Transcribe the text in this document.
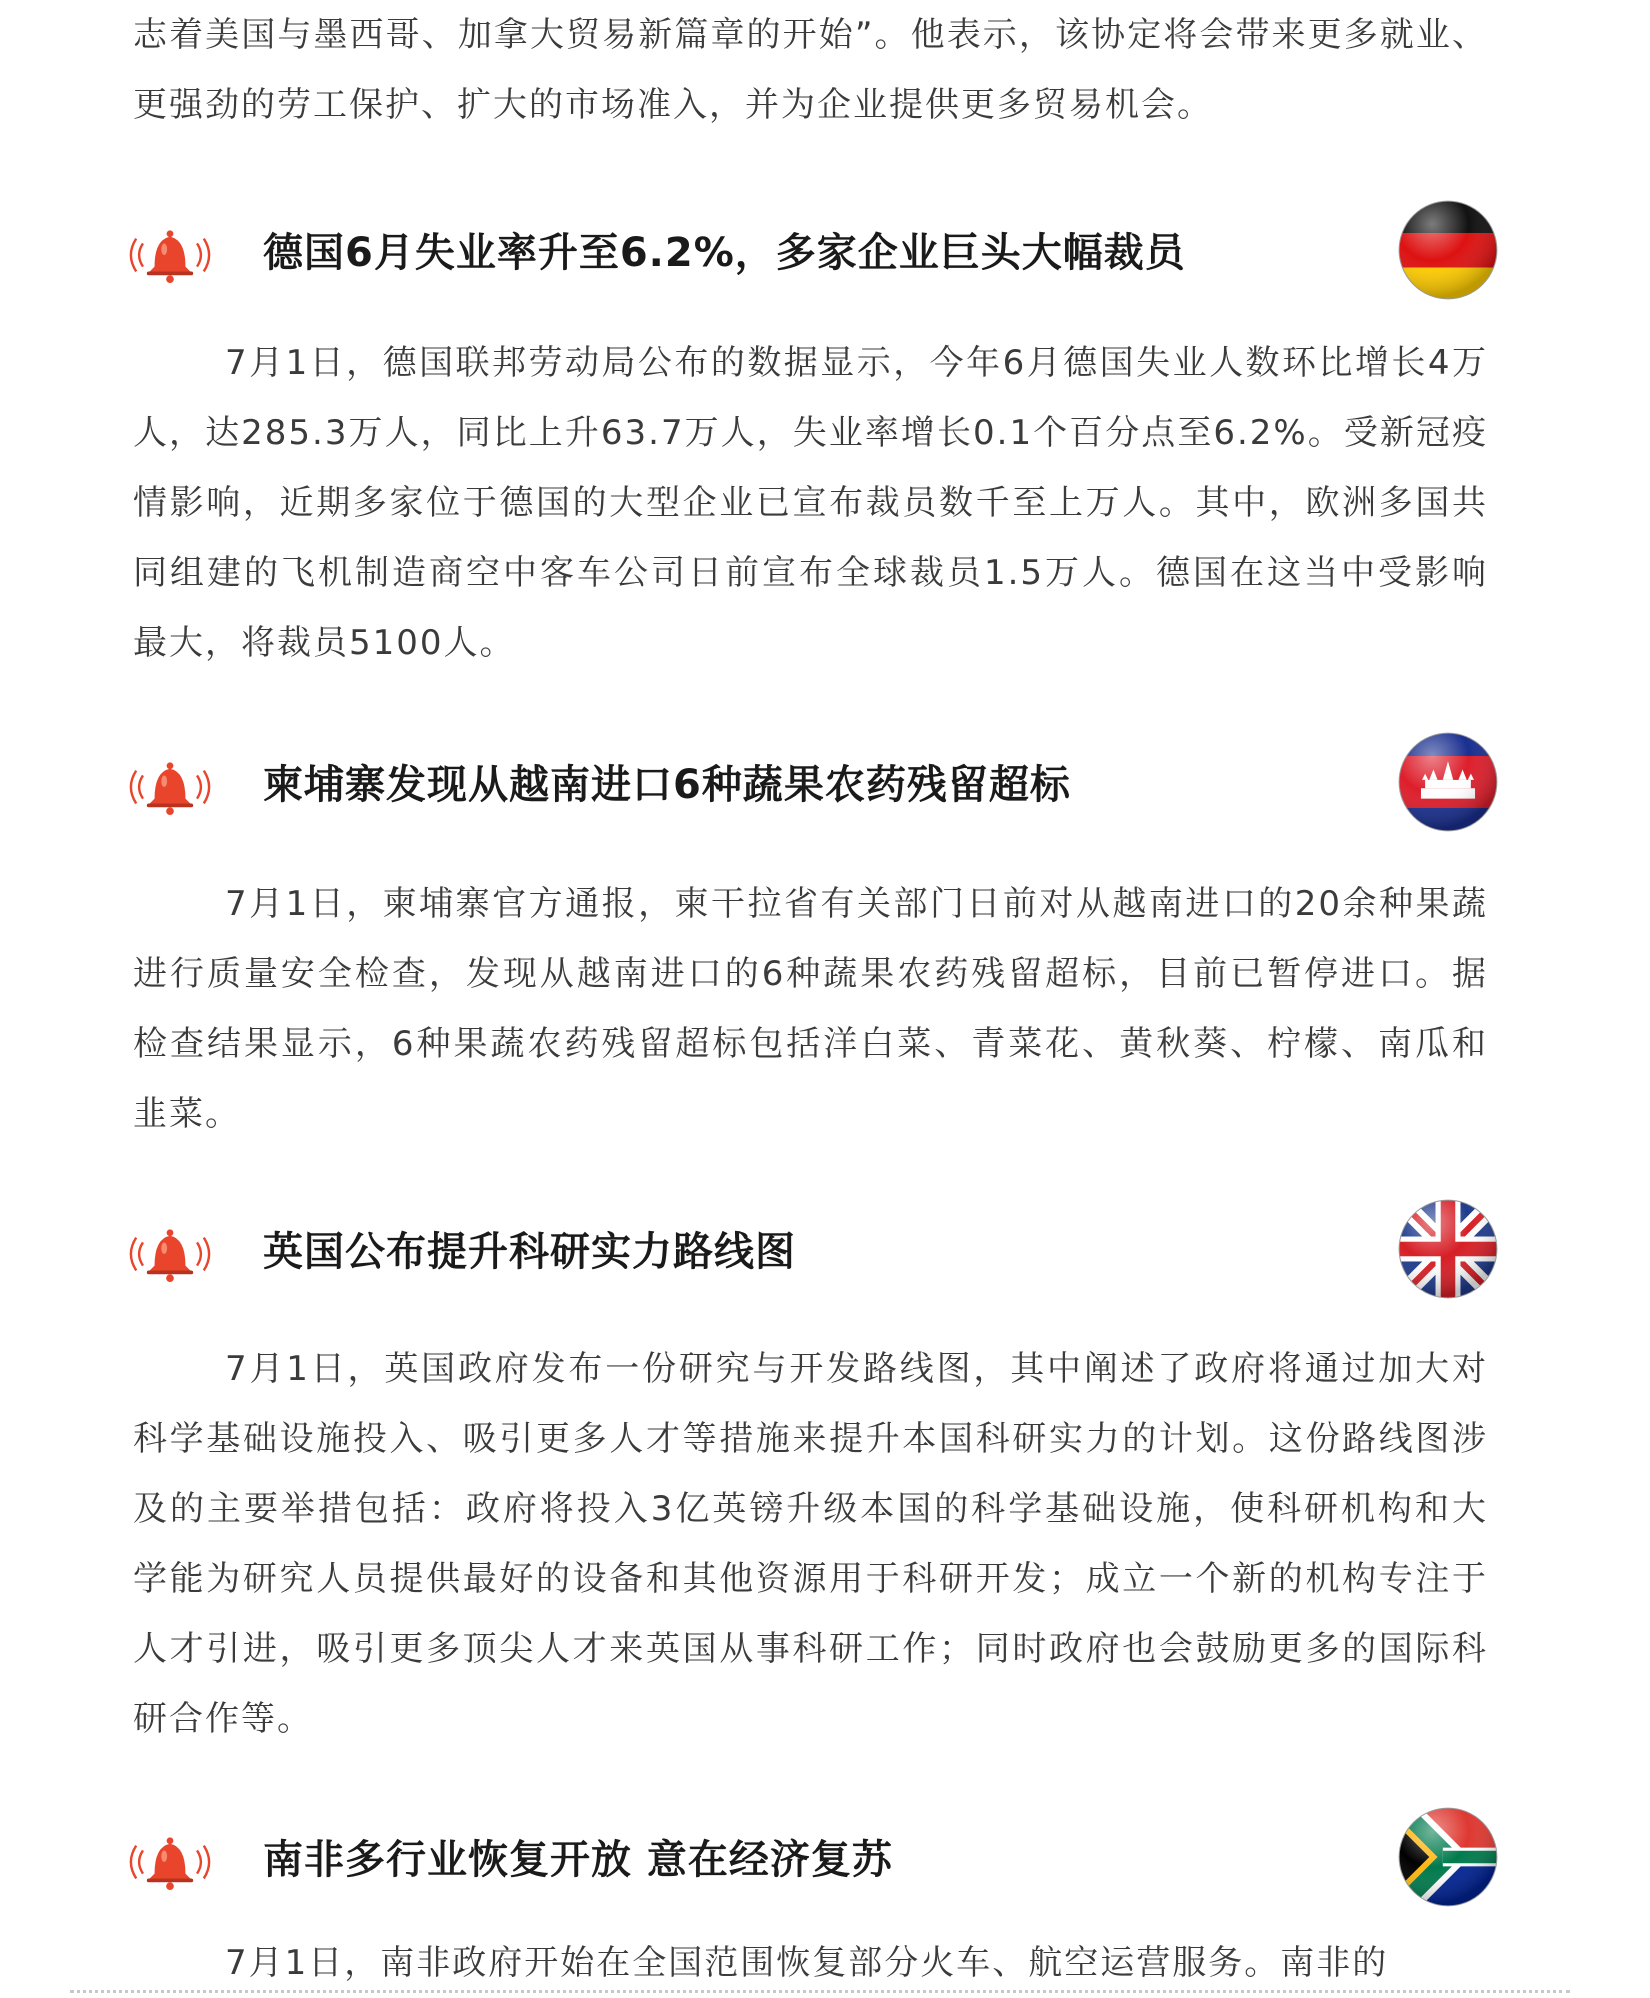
志着美国与墨西哥、加拿大贸易新篇章的开始”。他表示，该协定将会带来更多就业、更强劲的劳工保护、扩大的市场准入，并为企业提供更多贸易机会。

德国6月失业率升至6.2%，多家企业巨头大幅裁员

7月1日，德国联邦劳动局公布的数据显示，今年6月德国失业人数环比增长4万人，达285.3万人，同比上升63.7万人，失业率增长0.1个百分点至6.2%。受新冠疫情影响，近期多家位于德国的大型企业已宣布裁员数千至上万人。其中，欧洲多国共同组建的飞机制造商空中客车公司日前宣布全球裁员1.5万人。德国在这当中受影响最大，将裁员5100人。

柬埔寨发现从越南进口6种蔬果农药残留超标

7月1日，柬埔寨官方通报，柬干拉省有关部门日前对从越南进口的20余种果蔬进行质量安全检查，发现从越南进口的6种蔬果农药残留超标，目前已暂停进口。据检查结果显示，6种果蔬农药残留超标包括洋白菜、青菜花、黄秋葵、柠檬、南瓜和韭菜。

英国公布提升科研实力路线图

7月1日，英国政府发布一份研究与开发路线图，其中阐述了政府将通过加大对科学基础设施投入、吸引更多人才等措施来提升本国科研实力的计划。这份路线图涉及的主要举措包括：政府将投入3亿英镑升级本国的科学基础设施，使科研机构和大学能为研究人员提供最好的设备和其他资源用于科研开发；成立一个新的机构专注于人才引进，吸引更多顶尖人才来英国从事科研工作；同时政府也会鼓励更多的国际科研合作等。

南非多行业恢复开放 意在经济复苏

7月1日，南非政府开始在全国范围恢复部分火车、航空运营服务。南非的
